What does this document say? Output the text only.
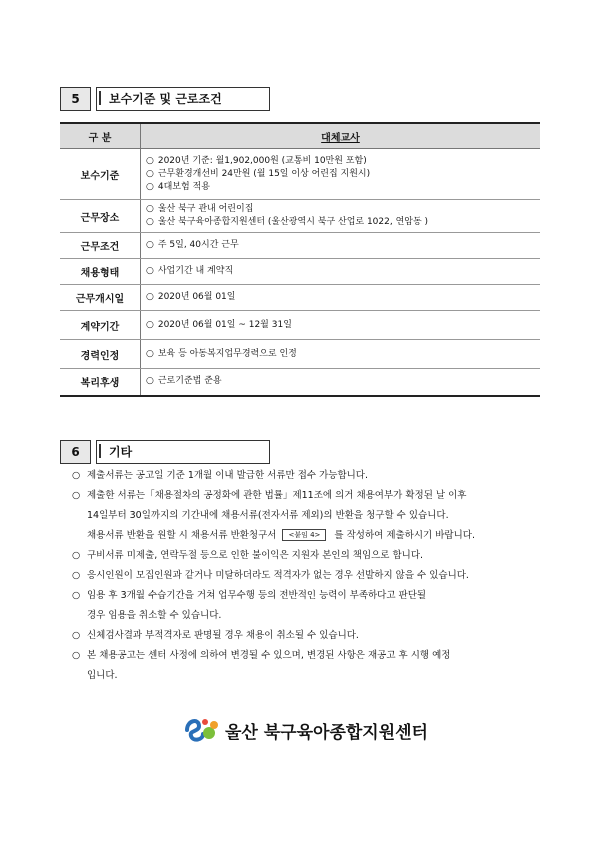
5	보수기준 및 근로조건
구 분	대체교사
보수기준	○ 2020년 기준: 월1,902,000원 (교통비 10만원 포함)
○ 근무환경개선비 24만원 (월 15일 이상 어린집 지원시)
○ 4대보험 적용

근무장소	○ 울산 북구 관내 어린이집
○ 울산 북구육아종합지원센터 (울산광역시 북구 산업로 1022, 연암동 )

근무조건	○ 주 5일, 40시간 근무

채용형태	○ 사업기간 내 계약직

근무개시일	○ 2020년 06월 01일

계약기간	○ 2020년 06월 01일 ~ 12월 31일

경력인정	○ 보육 등 아동복지업무경력으로 인정

복리후생	○ 근로기준법 준용
6	기타
○ 제출서류는 공고일 기준 1개월 이내 발급한 서류만 접수 가능합니다.
○ 제출한 서류는「채용절차의 공정화에 관한 법률」제11조에 의거 채용여부가 확정된 날 이후
14일부터 30일까지의 기간내에 채용서류(전자서류 제외)의 반환을 청구할 수 있습니다.
채용서류 반환을 원할 시 채용서류 반환청구서 <붙임 4> 를 작성하여 제출하시기 바랍니다.
○ 구비서류 미제출, 연락두절 등으로 인한 불이익은 지원자 본인의 책임으로 합니다.
○ 응시인원이 모집인원과 같거나 미달하더라도 적격자가 없는 경우 선발하지 않을 수 있습니다.
○ 임용 후 3개월 수습기간을 거쳐 업무수행 등의 전반적인 능력이 부족하다고 판단될
경우 임용을 취소할 수 있습니다.
○ 신체검사결과 부적격자로 판명될 경우 채용이 취소될 수 있습니다.
○ 본 채용공고는 센터 사정에 의하여 변경될 수 있으며, 변경된 사항은 재공고 후 시행 예정
입니다.
울산 북구육아종합지원센터
